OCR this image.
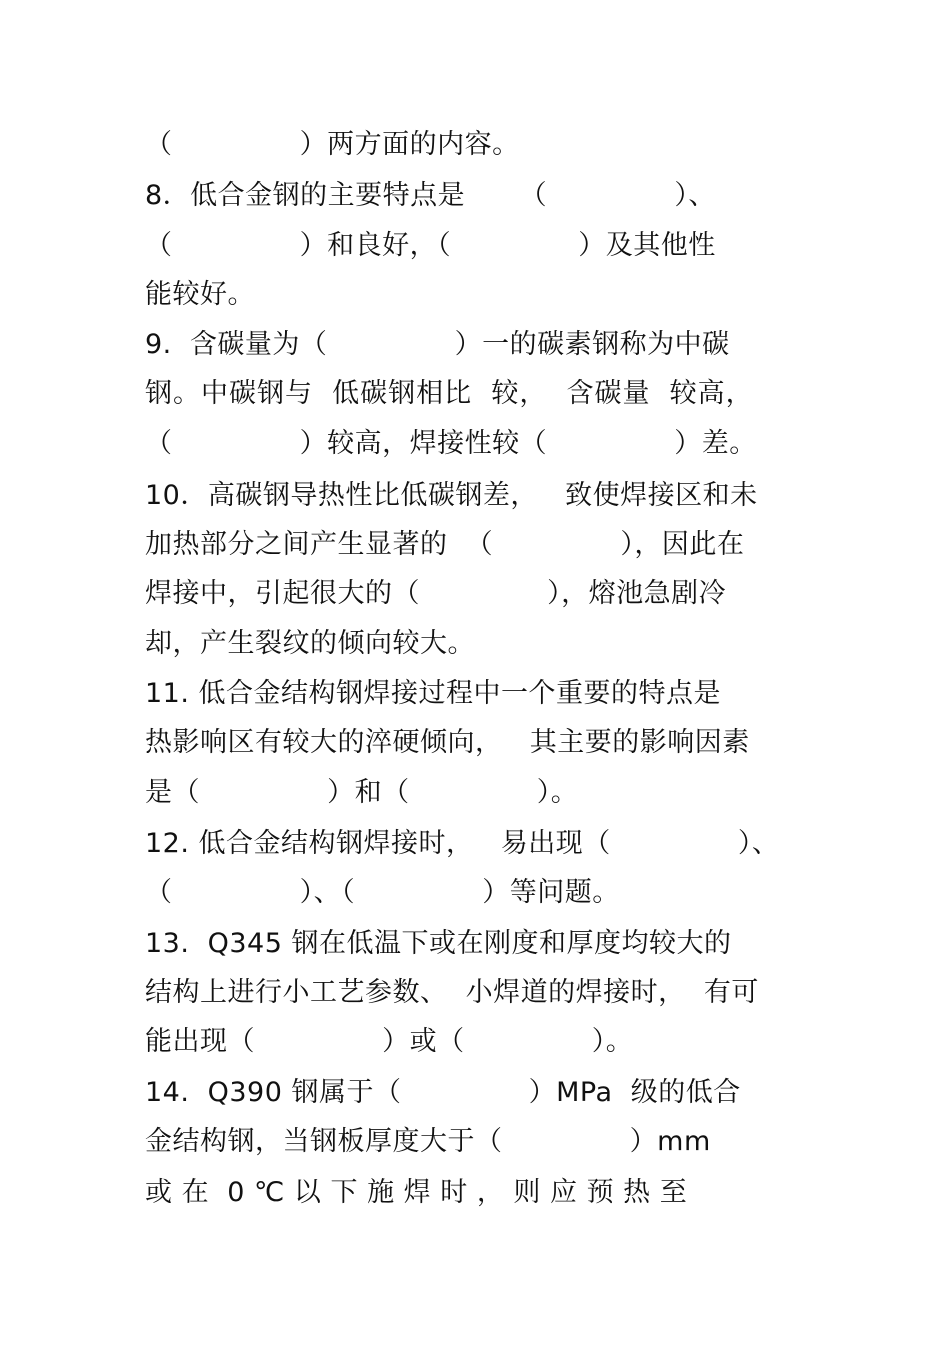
（              ）两方面的内容。
8．低合金钢的主要特点是      （              ）、
（              ）和良好，（              ）及其他性
能较好。
9.  含碳量为（              ）一的碳素钢称为中碳
钢。中碳钢与  低碳钢相比  较，  含碳量  较高，
（              ）较高，焊接性较（              ）差。
10．高碳钢导热性比低碳钢差，   致使焊接区和未
加热部分之间产生显著的  （              ），因此在
焊接中，引起很大的（              ），熔池急剧冷
却，产生裂纹的倾向较大。
11. 低合金结构钢焊接过程中一个重要的特点是
热影响区有较大的淬硬倾向，   其主要的影响因素
是（              ）和（              ）。
12. 低合金结构钢焊接时，   易出现（              ）、
（              ）、（              ）等问题。
13.  Q345 钢在低温下或在刚度和厚度均较大的
结构上进行小工艺参数、  小焊道的焊接时，  有可
能出现（              ）或（              ）。
14.  Q390 钢属于（              ）MPa  级的低合
金结构钢，当钢板厚度大于（              ）mm
或 在  0 ℃ 以 下 施 焊 时 ， 则 应 预 热 至
